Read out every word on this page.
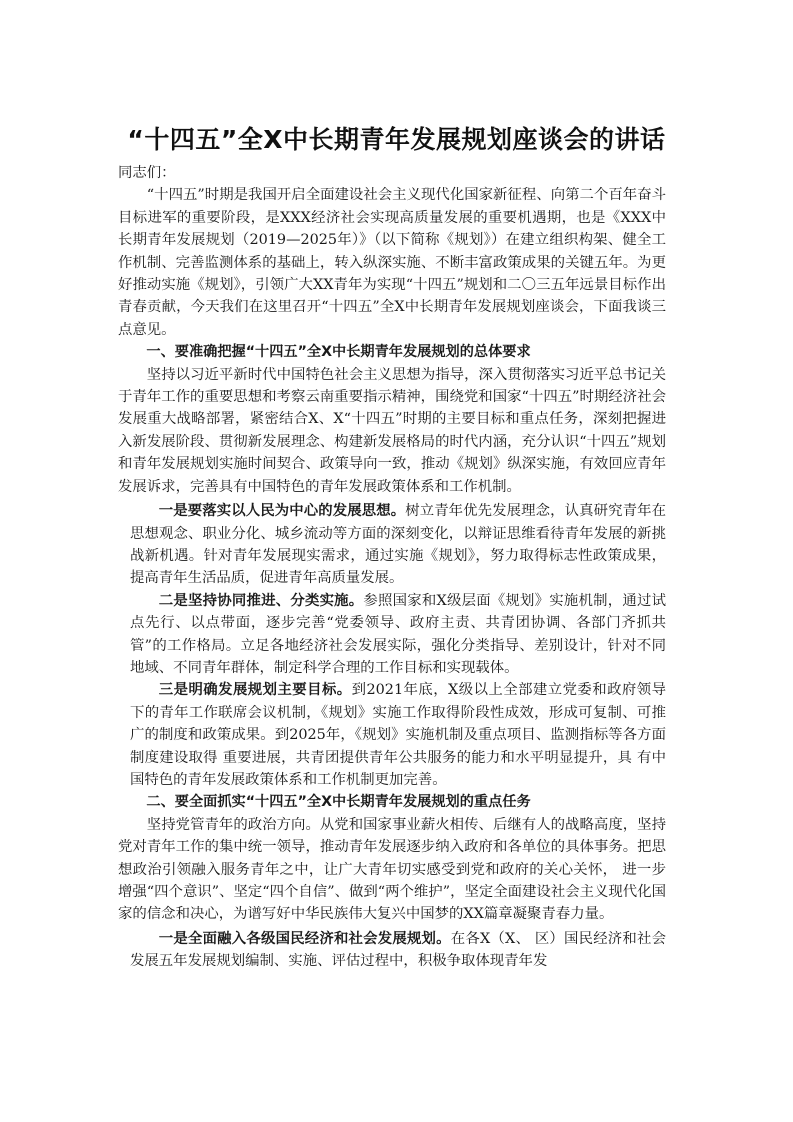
“十四五”全X中长期青年发展规划座谈会的讲话

同志们：

“十四五”时期是我国开启全面建设社会主义现代化国家新征程、向第二个百年奋斗目标进军的重要阶段，是XXX经济社会实现高质量发展的重要机遇期，也是《XXX中长期青年发展规划（2019—2025年）》（以下简称《规划》）在建立组织构架、健全工作机制、完善监测体系的基础上，转入纵深实施、不断丰富政策成果的关键五年。为更好推动实施《规划》，引领广大XX青年为实现“十四五”规划和二〇三五年远景目标作出青春贡献，今天我们在这里召开“十四五”全X中长期青年发展规划座谈会，下面我谈三点意见。

一、要准确把握“十四五”全X中长期青年发展规划的总体要求

坚持以习近平新时代中国特色社会主义思想为指导，深入贯彻落实习近平总书记关于青年工作的重要思想和考察云南重要指示精神，围绕党和国家“十四五”时期经济社会发展重大战略部署，紧密结合X、X“十四五”时期的主要目标和重点任务，深刻把握进入新发展阶段、贯彻新发展理念、构建新发展格局的时代内涵，充分认识“十四五”规划和青年发展规划实施时间契合、政策导向一致，推动《规划》纵深实施，有效回应青年发展诉求，完善具有中国特色的青年发展政策体系和工作机制。

一是要落实以人民为中心的发展思想。树立青年优先发展理念，认真研究青年在思想观念、职业分化、城乡流动等方面的深刻变化，以辩证思维看待青年发展的新挑战新机遇。针对青年发展现实需求，通过实施《规划》，努力取得标志性政策成果，提高青年生活品质，促进青年高质量发展。

二是坚持协同推进、分类实施。参照国家和X级层面《规划》实施机制，通过试点先行、以点带面，逐步完善“党委领导、政府主责、共青团协调、各部门齐抓共管”的工作格局。立足各地经济社会发展实际，强化分类指导、差别设计，针对不同地域、不同青年群体，制定科学合理的工作目标和实现载体。

三是明确发展规划主要目标。到2021年底，X级以上全部建立党委和政府领导下的青年工作联席会议机制，《规划》实施工作取得阶段性成效，形成可复制、可推广的制度和政策成果。到2025年，《规划》实施机制及重点项目、监测指标等各方面制度建设取得 重要进展，共青团提供青年公共服务的能力和水平明显提升，具 有中国特色的青年发展政策体系和工作机制更加完善。

二、要全面抓实“十四五”全X中长期青年发展规划的重点任务

坚持党管青年的政治方向。从党和国家事业薪火相传、后继有人的战略高度，坚持党对青年工作的集中统一领导，推动青年发展逐步纳入政府和各单位的具体事务。把思想政治引领融入服务青年之中，让广大青年切实感受到党和政府的关心关怀， 进一步增强“四个意识”、坚定“四个自信”、做到“两个维护”，坚定全面建设社会主义现代化国家的信念和决心，为谱写好中华民族伟大复兴中国梦的XX篇章凝聚青春力量。

一是全面融入各级国民经济和社会发展规划。在各X（X、 区）国民经济和社会发展五年发展规划编制、实施、评估过程中，积极争取体现青年发
